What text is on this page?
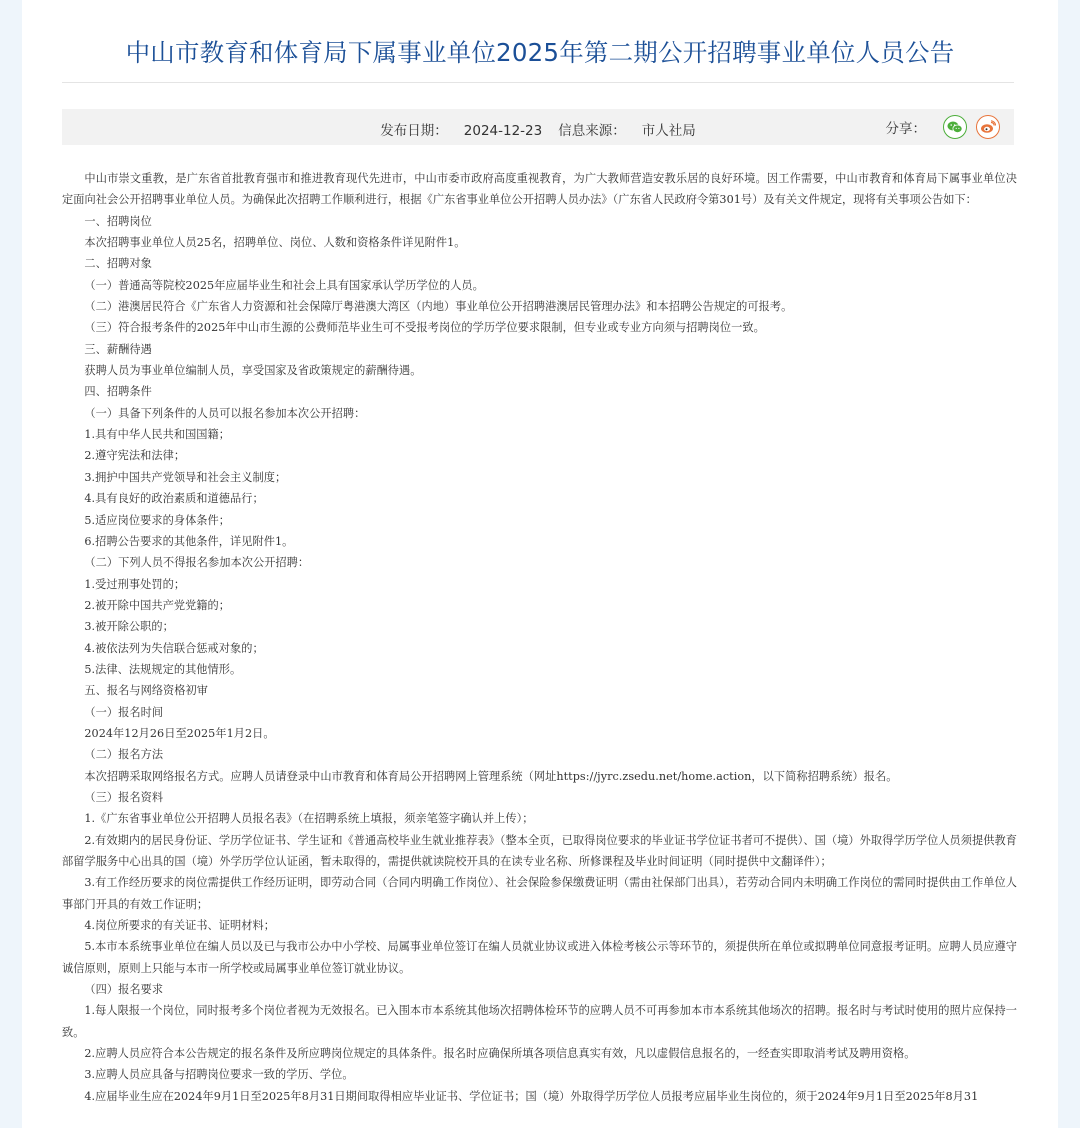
中山市教育和体育局下属事业单位2025年第二期公开招聘事业单位人员公告
发布日期： 2024-12-23 信息来源： 市人社局	分享：

中山市崇文重教，是广东省首批教育强市和推进教育现代先进市，中山市委市政府高度重视教育，为广大教师营造安教乐居的良好环境。因工作需要，中山市教育和体育局下属事业单位决定面向社会公开招聘事业单位人员。为确保此次招聘工作顺利进行，根据《广东省事业单位公开招聘人员办法》（广东省人民政府令第301号）及有关文件规定，现将有关事项公告如下：

一、招聘岗位

本次招聘事业单位人员25名，招聘单位、岗位、人数和资格条件详见附件1。

二、招聘对象

（一）普通高等院校2025年应届毕业生和社会上具有国家承认学历学位的人员。

（二）港澳居民符合《广东省人力资源和社会保障厅粤港澳大湾区（内地）事业单位公开招聘港澳居民管理办法》和本招聘公告规定的可报考。

（三）符合报考条件的2025年中山市生源的公费师范毕业生可不受报考岗位的学历学位要求限制，但专业或专业方向须与招聘岗位一致。

三、薪酬待遇

获聘人员为事业单位编制人员，享受国家及省政策规定的薪酬待遇。

四、招聘条件

（一）具备下列条件的人员可以报名参加本次公开招聘：

1.具有中华人民共和国国籍；

2.遵守宪法和法律；

3.拥护中国共产党领导和社会主义制度；

4.具有良好的政治素质和道德品行；

5.适应岗位要求的身体条件；

6.招聘公告要求的其他条件，详见附件1。

（二）下列人员不得报名参加本次公开招聘：

1.受过刑事处罚的；

2.被开除中国共产党党籍的；

3.被开除公职的；

4.被依法列为失信联合惩戒对象的；

5.法律、法规规定的其他情形。

五、报名与网络资格初审

（一）报名时间

2024年12月26日至2025年1月2日。

（二）报名方法

本次招聘采取网络报名方式。应聘人员请登录中山市教育和体育局公开招聘网上管理系统（网址https://jyrc.zsedu.net/home.action，以下简称招聘系统）报名。

（三）报名资料

1.《广东省事业单位公开招聘人员报名表》（在招聘系统上填报，须亲笔签字确认并上传）；

2.有效期内的居民身份证、学历学位证书、学生证和《普通高校毕业生就业推荐表》（整本全页，已取得岗位要求的毕业证书学位证书者可不提供）、国（境）外取得学历学位人员须提供教育部留学服务中心出具的国（境）外学历学位认证函，暂未取得的，需提供就读院校开具的在读专业名称、所修课程及毕业时间证明（同时提供中文翻译件）；

3.有工作经历要求的岗位需提供工作经历证明，即劳动合同（合同内明确工作岗位）、社会保险参保缴费证明（需由社保部门出具），若劳动合同内未明确工作岗位的需同时提供由工作单位人事部门开具的有效工作证明；

4.岗位所要求的有关证书、证明材料；

5.本市本系统事业单位在编人员以及已与我市公办中小学校、局属事业单位签订在编人员就业协议或进入体检考核公示等环节的，须提供所在单位或拟聘单位同意报考证明。应聘人员应遵守诚信原则，原则上只能与本市一所学校或局属事业单位签订就业协议。

（四）报名要求

1.每人限报一个岗位，同时报考多个岗位者视为无效报名。已入围本市本系统其他场次招聘体检环节的应聘人员不可再参加本市本系统其他场次的招聘。报名时与考试时使用的照片应保持一致。

2.应聘人员应符合本公告规定的报名条件及所应聘岗位规定的具体条件。报名时应确保所填各项信息真实有效，凡以虚假信息报名的，一经查实即取消考试及聘用资格。

3.应聘人员应具备与招聘岗位要求一致的学历、学位。

4.应届毕业生应在2024年9月1日至2025年8月31日期间取得相应毕业证书、学位证书；国（境）外取得学历学位人员报考应届毕业生岗位的，须于2024年9月1日至2025年8月31
